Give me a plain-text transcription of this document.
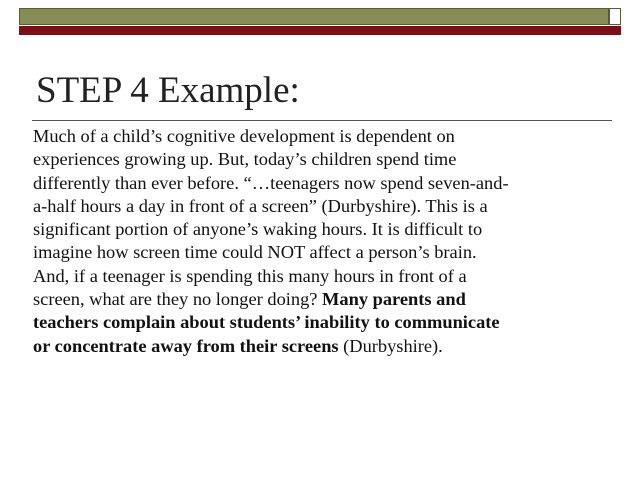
STEP 4 Example:

Much of a child’s cognitive development is dependent on
experiences growing up. But, today’s children spend time
differently than ever before. “…teenagers now spend seven-and-
a-half hours a day in front of a screen” (Durbyshire). This is a
significant portion of anyone’s waking hours. It is difficult to
imagine how screen time could NOT affect a person’s brain.
And, if a teenager is spending this many hours in front of a
screen, what are they no longer doing? Many parents and
teachers complain about students’ inability to communicate
or concentrate away from their screens (Durbyshire).
